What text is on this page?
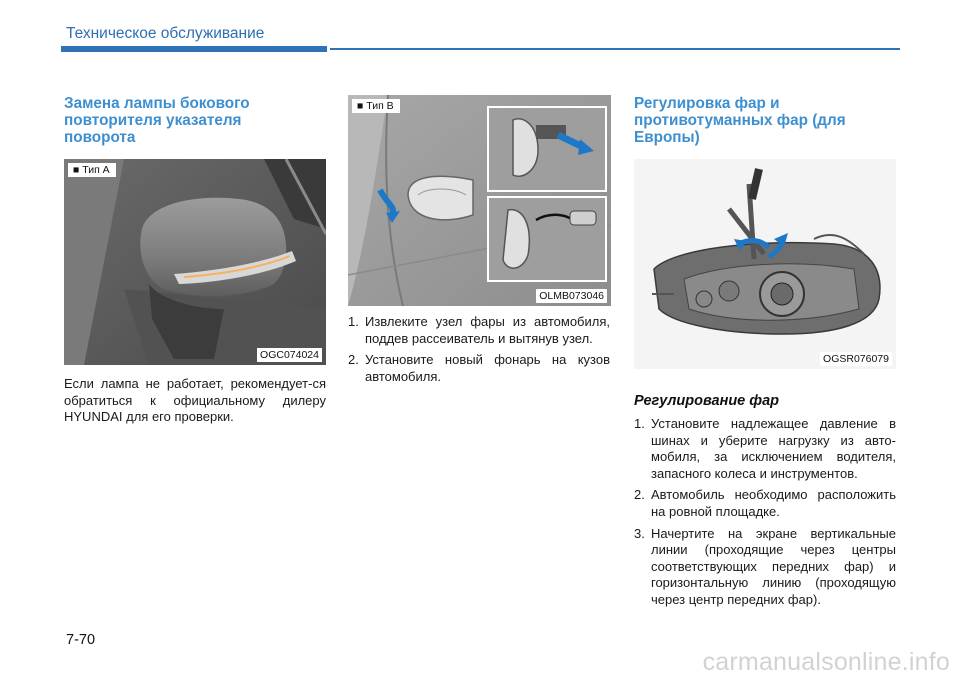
Техническое обслуживание
Замена лампы бокового повторителя указателя поворота
■ Тип A
OGC074024
Если лампа не работает, рекомендует-ся обратиться к официальному дилеру HYUNDAI для его проверки.
■ Тип B
OLMB073046
1. Извлеките узел фары из автомобиля, поддев рассеиватель и вытянув узел.
2. Установите новый фонарь на кузов автомобиля.
Регулировка фар и противотуманных фар (для Европы)
OGSR076079
Регулирование фар
1. Установите надлежащее давление в шинах и уберите нагрузку из авто-мобиля, за исключением водителя, запасного колеса и инструментов.
2. Автомобиль необходимо расположить на ровной площадке.
3. Начертите на экране вертикальные линии (проходящие через центры соответствующих передних фар) и горизонтальную линию (проходящую через центр передних фар).
7-70
carmanualsonline.info
